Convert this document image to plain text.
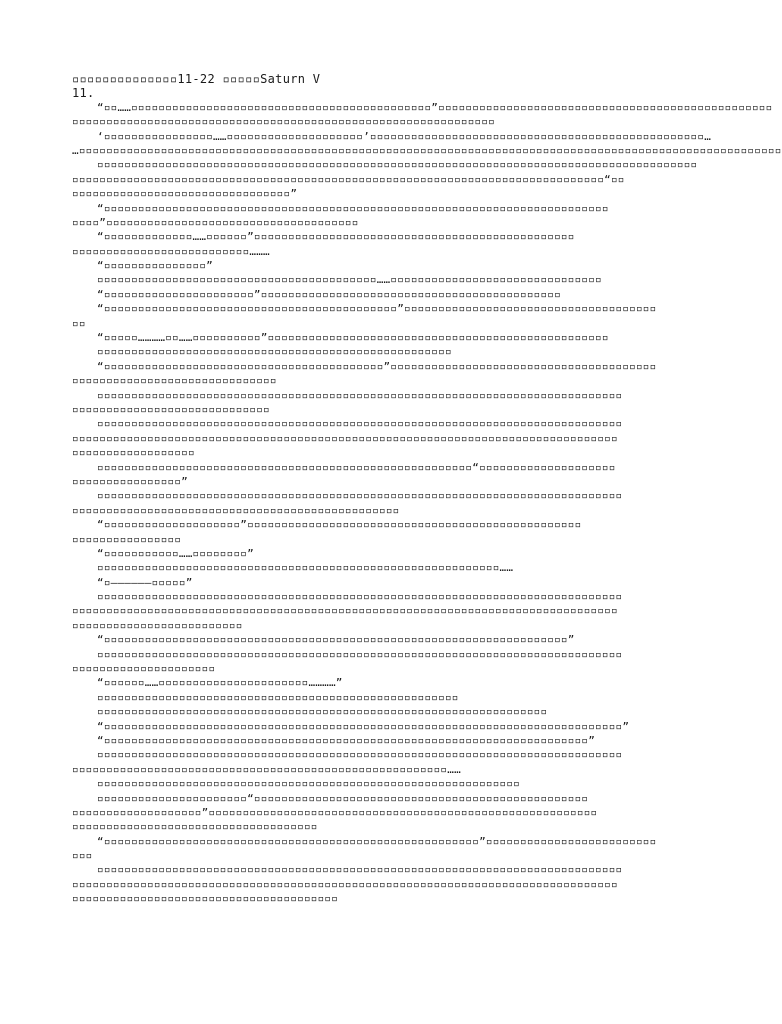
▫▫▫▫▫▫▫▫▫▫▫▫▫▫11-22 ▫▫▫▫▫Saturn V
11.
“▫▫……▫▫▫▫▫▫▫▫▫▫▫▫▫▫▫▫▫▫▫▫▫▫▫▫▫▫▫▫▫▫▫▫▫▫▫▫▫▫▫▫▫▫▫▫”▫▫▫▫▫▫▫▫▫▫▫▫▫▫▫▫▫▫▫▫▫▫▫▫▫▫▫▫▫▫▫▫▫▫▫▫▫▫▫▫▫▫▫▫▫▫▫▫▫
▫▫▫▫▫▫▫▫▫▫▫▫▫▫▫▫▫▫▫▫▫▫▫▫▫▫▫▫▫▫▫▫▫▫▫▫▫▫▫▫▫▫▫▫▫▫▫▫▫▫▫▫▫▫▫▫▫▫▫▫▫▫
‘▫▫▫▫▫▫▫▫▫▫▫▫▫▫▫▫……▫▫▫▫▫▫▫▫▫▫▫▫▫▫▫▫▫▫▫▫’▫▫▫▫▫▫▫▫▫▫▫▫▫▫▫▫▫▫▫▫▫▫▫▫▫▫▫▫▫▫▫▫▫▫▫▫▫▫▫▫▫▫▫▫▫▫▫▫▫…
…▫▫▫▫▫▫▫▫▫▫▫▫▫▫▫▫▫▫▫▫▫▫▫▫▫▫▫▫▫▫▫▫▫▫▫▫▫▫▫▫▫▫▫▫▫▫▫▫▫▫▫▫▫▫▫▫▫▫▫▫▫▫▫▫▫▫▫▫▫▫▫▫▫▫▫▫▫▫▫▫▫▫▫▫▫▫▫▫▫▫▫▫▫▫▫▫▫▫▫▫▫▫▫
▫▫▫▫▫▫▫▫▫▫▫▫▫▫▫▫▫▫▫▫▫▫▫▫▫▫▫▫▫▫▫▫▫▫▫▫▫▫▫▫▫▫▫▫▫▫▫▫▫▫▫▫▫▫▫▫▫▫▫▫▫▫▫▫▫▫▫▫▫▫▫▫▫▫▫▫▫▫▫▫▫▫▫▫▫▫▫▫
▫▫▫▫▫▫▫▫▫▫▫▫▫▫▫▫▫▫▫▫▫▫▫▫▫▫▫▫▫▫▫▫▫▫▫▫▫▫▫▫▫▫▫▫▫▫▫▫▫▫▫▫▫▫▫▫▫▫▫▫▫▫▫▫▫▫▫▫▫▫▫▫▫▫▫▫▫▫“▫▫
▫▫▫▫▫▫▫▫▫▫▫▫▫▫▫▫▫▫▫▫▫▫▫▫▫▫▫▫▫▫▫▫”
“▫▫▫▫▫▫▫▫▫▫▫▫▫▫▫▫▫▫▫▫▫▫▫▫▫▫▫▫▫▫▫▫▫▫▫▫▫▫▫▫▫▫▫▫▫▫▫▫▫▫▫▫▫▫▫▫▫▫▫▫▫▫▫▫▫▫▫▫▫▫▫▫▫▫
▫▫▫▫”▫▫▫▫▫▫▫▫▫▫▫▫▫▫▫▫▫▫▫▫▫▫▫▫▫▫▫▫▫▫▫▫▫▫▫▫▫
“▫▫▫▫▫▫▫▫▫▫▫▫▫……▫▫▫▫▫▫”▫▫▫▫▫▫▫▫▫▫▫▫▫▫▫▫▫▫▫▫▫▫▫▫▫▫▫▫▫▫▫▫▫▫▫▫▫▫▫▫▫▫▫▫▫▫▫
▫▫▫▫▫▫▫▫▫▫▫▫▫▫▫▫▫▫▫▫▫▫▫▫▫▫………
“▫▫▫▫▫▫▫▫▫▫▫▫▫▫▫”
▫▫▫▫▫▫▫▫▫▫▫▫▫▫▫▫▫▫▫▫▫▫▫▫▫▫▫▫▫▫▫▫▫▫▫▫▫▫▫▫▫……▫▫▫▫▫▫▫▫▫▫▫▫▫▫▫▫▫▫▫▫▫▫▫▫▫▫▫▫▫▫▫
“▫▫▫▫▫▫▫▫▫▫▫▫▫▫▫▫▫▫▫▫▫▫”▫▫▫▫▫▫▫▫▫▫▫▫▫▫▫▫▫▫▫▫▫▫▫▫▫▫▫▫▫▫▫▫▫▫▫▫▫▫▫▫▫▫▫▫
“▫▫▫▫▫▫▫▫▫▫▫▫▫▫▫▫▫▫▫▫▫▫▫▫▫▫▫▫▫▫▫▫▫▫▫▫▫▫▫▫▫▫▫”▫▫▫▫▫▫▫▫▫▫▫▫▫▫▫▫▫▫▫▫▫▫▫▫▫▫▫▫▫▫▫▫▫▫▫▫▫
▫▫
“▫▫▫▫▫…………▫▫……▫▫▫▫▫▫▫▫▫▫”▫▫▫▫▫▫▫▫▫▫▫▫▫▫▫▫▫▫▫▫▫▫▫▫▫▫▫▫▫▫▫▫▫▫▫▫▫▫▫▫▫▫▫▫▫▫▫▫▫▫
▫▫▫▫▫▫▫▫▫▫▫▫▫▫▫▫▫▫▫▫▫▫▫▫▫▫▫▫▫▫▫▫▫▫▫▫▫▫▫▫▫▫▫▫▫▫▫▫▫▫▫▫
“▫▫▫▫▫▫▫▫▫▫▫▫▫▫▫▫▫▫▫▫▫▫▫▫▫▫▫▫▫▫▫▫▫▫▫▫▫▫▫▫▫”▫▫▫▫▫▫▫▫▫▫▫▫▫▫▫▫▫▫▫▫▫▫▫▫▫▫▫▫▫▫▫▫▫▫▫▫▫▫▫
▫▫▫▫▫▫▫▫▫▫▫▫▫▫▫▫▫▫▫▫▫▫▫▫▫▫▫▫▫▫
▫▫▫▫▫▫▫▫▫▫▫▫▫▫▫▫▫▫▫▫▫▫▫▫▫▫▫▫▫▫▫▫▫▫▫▫▫▫▫▫▫▫▫▫▫▫▫▫▫▫▫▫▫▫▫▫▫▫▫▫▫▫▫▫▫▫▫▫▫▫▫▫▫▫▫▫▫
▫▫▫▫▫▫▫▫▫▫▫▫▫▫▫▫▫▫▫▫▫▫▫▫▫▫▫▫▫
▫▫▫▫▫▫▫▫▫▫▫▫▫▫▫▫▫▫▫▫▫▫▫▫▫▫▫▫▫▫▫▫▫▫▫▫▫▫▫▫▫▫▫▫▫▫▫▫▫▫▫▫▫▫▫▫▫▫▫▫▫▫▫▫▫▫▫▫▫▫▫▫▫▫▫▫▫
▫▫▫▫▫▫▫▫▫▫▫▫▫▫▫▫▫▫▫▫▫▫▫▫▫▫▫▫▫▫▫▫▫▫▫▫▫▫▫▫▫▫▫▫▫▫▫▫▫▫▫▫▫▫▫▫▫▫▫▫▫▫▫▫▫▫▫▫▫▫▫▫▫▫▫▫▫▫▫▫
▫▫▫▫▫▫▫▫▫▫▫▫▫▫▫▫▫▫
▫▫▫▫▫▫▫▫▫▫▫▫▫▫▫▫▫▫▫▫▫▫▫▫▫▫▫▫▫▫▫▫▫▫▫▫▫▫▫▫▫▫▫▫▫▫▫▫▫▫▫▫▫▫▫“▫▫▫▫▫▫▫▫▫▫▫▫▫▫▫▫▫▫▫▫
▫▫▫▫▫▫▫▫▫▫▫▫▫▫▫▫”
▫▫▫▫▫▫▫▫▫▫▫▫▫▫▫▫▫▫▫▫▫▫▫▫▫▫▫▫▫▫▫▫▫▫▫▫▫▫▫▫▫▫▫▫▫▫▫▫▫▫▫▫▫▫▫▫▫▫▫▫▫▫▫▫▫▫▫▫▫▫▫▫▫▫▫▫▫
▫▫▫▫▫▫▫▫▫▫▫▫▫▫▫▫▫▫▫▫▫▫▫▫▫▫▫▫▫▫▫▫▫▫▫▫▫▫▫▫▫▫▫▫▫▫▫▫
“▫▫▫▫▫▫▫▫▫▫▫▫▫▫▫▫▫▫▫▫”▫▫▫▫▫▫▫▫▫▫▫▫▫▫▫▫▫▫▫▫▫▫▫▫▫▫▫▫▫▫▫▫▫▫▫▫▫▫▫▫▫▫▫▫▫▫▫▫▫
▫▫▫▫▫▫▫▫▫▫▫▫▫▫▫▫
“▫▫▫▫▫▫▫▫▫▫▫……▫▫▫▫▫▫▫▫”
▫▫▫▫▫▫▫▫▫▫▫▫▫▫▫▫▫▫▫▫▫▫▫▫▫▫▫▫▫▫▫▫▫▫▫▫▫▫▫▫▫▫▫▫▫▫▫▫▫▫▫▫▫▫▫▫▫▫▫……
“▫——————▫▫▫▫▫”
▫▫▫▫▫▫▫▫▫▫▫▫▫▫▫▫▫▫▫▫▫▫▫▫▫▫▫▫▫▫▫▫▫▫▫▫▫▫▫▫▫▫▫▫▫▫▫▫▫▫▫▫▫▫▫▫▫▫▫▫▫▫▫▫▫▫▫▫▫▫▫▫▫▫▫▫▫
▫▫▫▫▫▫▫▫▫▫▫▫▫▫▫▫▫▫▫▫▫▫▫▫▫▫▫▫▫▫▫▫▫▫▫▫▫▫▫▫▫▫▫▫▫▫▫▫▫▫▫▫▫▫▫▫▫▫▫▫▫▫▫▫▫▫▫▫▫▫▫▫▫▫▫▫▫▫▫▫
▫▫▫▫▫▫▫▫▫▫▫▫▫▫▫▫▫▫▫▫▫▫▫▫▫
“▫▫▫▫▫▫▫▫▫▫▫▫▫▫▫▫▫▫▫▫▫▫▫▫▫▫▫▫▫▫▫▫▫▫▫▫▫▫▫▫▫▫▫▫▫▫▫▫▫▫▫▫▫▫▫▫▫▫▫▫▫▫▫▫▫▫▫▫”
▫▫▫▫▫▫▫▫▫▫▫▫▫▫▫▫▫▫▫▫▫▫▫▫▫▫▫▫▫▫▫▫▫▫▫▫▫▫▫▫▫▫▫▫▫▫▫▫▫▫▫▫▫▫▫▫▫▫▫▫▫▫▫▫▫▫▫▫▫▫▫▫▫▫▫▫▫
▫▫▫▫▫▫▫▫▫▫▫▫▫▫▫▫▫▫▫▫▫
“▫▫▫▫▫▫……▫▫▫▫▫▫▫▫▫▫▫▫▫▫▫▫▫▫▫▫▫▫…………”
▫▫▫▫▫▫▫▫▫▫▫▫▫▫▫▫▫▫▫▫▫▫▫▫▫▫▫▫▫▫▫▫▫▫▫▫▫▫▫▫▫▫▫▫▫▫▫▫▫▫▫▫▫
▫▫▫▫▫▫▫▫▫▫▫▫▫▫▫▫▫▫▫▫▫▫▫▫▫▫▫▫▫▫▫▫▫▫▫▫▫▫▫▫▫▫▫▫▫▫▫▫▫▫▫▫▫▫▫▫▫▫▫▫▫▫▫▫▫▫
“▫▫▫▫▫▫▫▫▫▫▫▫▫▫▫▫▫▫▫▫▫▫▫▫▫▫▫▫▫▫▫▫▫▫▫▫▫▫▫▫▫▫▫▫▫▫▫▫▫▫▫▫▫▫▫▫▫▫▫▫▫▫▫▫▫▫▫▫▫▫▫▫▫▫▫▫”
“▫▫▫▫▫▫▫▫▫▫▫▫▫▫▫▫▫▫▫▫▫▫▫▫▫▫▫▫▫▫▫▫▫▫▫▫▫▫▫▫▫▫▫▫▫▫▫▫▫▫▫▫▫▫▫▫▫▫▫▫▫▫▫▫▫▫▫▫▫▫▫”
▫▫▫▫▫▫▫▫▫▫▫▫▫▫▫▫▫▫▫▫▫▫▫▫▫▫▫▫▫▫▫▫▫▫▫▫▫▫▫▫▫▫▫▫▫▫▫▫▫▫▫▫▫▫▫▫▫▫▫▫▫▫▫▫▫▫▫▫▫▫▫▫▫▫▫▫▫
▫▫▫▫▫▫▫▫▫▫▫▫▫▫▫▫▫▫▫▫▫▫▫▫▫▫▫▫▫▫▫▫▫▫▫▫▫▫▫▫▫▫▫▫▫▫▫▫▫▫▫▫▫▫▫……
▫▫▫▫▫▫▫▫▫▫▫▫▫▫▫▫▫▫▫▫▫▫▫▫▫▫▫▫▫▫▫▫▫▫▫▫▫▫▫▫▫▫▫▫▫▫▫▫▫▫▫▫▫▫▫▫▫▫▫▫▫▫
▫▫▫▫▫▫▫▫▫▫▫▫▫▫▫▫▫▫▫▫▫▫“▫▫▫▫▫▫▫▫▫▫▫▫▫▫▫▫▫▫▫▫▫▫▫▫▫▫▫▫▫▫▫▫▫▫▫▫▫▫▫▫▫▫▫▫▫▫▫▫▫
▫▫▫▫▫▫▫▫▫▫▫▫▫▫▫▫▫▫▫”▫▫▫▫▫▫▫▫▫▫▫▫▫▫▫▫▫▫▫▫▫▫▫▫▫▫▫▫▫▫▫▫▫▫▫▫▫▫▫▫▫▫▫▫▫▫▫▫▫▫▫▫▫▫▫▫▫
▫▫▫▫▫▫▫▫▫▫▫▫▫▫▫▫▫▫▫▫▫▫▫▫▫▫▫▫▫▫▫▫▫▫▫▫
“▫▫▫▫▫▫▫▫▫▫▫▫▫▫▫▫▫▫▫▫▫▫▫▫▫▫▫▫▫▫▫▫▫▫▫▫▫▫▫▫▫▫▫▫▫▫▫▫▫▫▫▫▫▫▫”▫▫▫▫▫▫▫▫▫▫▫▫▫▫▫▫▫▫▫▫▫▫▫▫▫
▫▫▫
▫▫▫▫▫▫▫▫▫▫▫▫▫▫▫▫▫▫▫▫▫▫▫▫▫▫▫▫▫▫▫▫▫▫▫▫▫▫▫▫▫▫▫▫▫▫▫▫▫▫▫▫▫▫▫▫▫▫▫▫▫▫▫▫▫▫▫▫▫▫▫▫▫▫▫▫▫
▫▫▫▫▫▫▫▫▫▫▫▫▫▫▫▫▫▫▫▫▫▫▫▫▫▫▫▫▫▫▫▫▫▫▫▫▫▫▫▫▫▫▫▫▫▫▫▫▫▫▫▫▫▫▫▫▫▫▫▫▫▫▫▫▫▫▫▫▫▫▫▫▫▫▫▫▫▫▫▫
▫▫▫▫▫▫▫▫▫▫▫▫▫▫▫▫▫▫▫▫▫▫▫▫▫▫▫▫▫▫▫▫▫▫▫▫▫▫▫
